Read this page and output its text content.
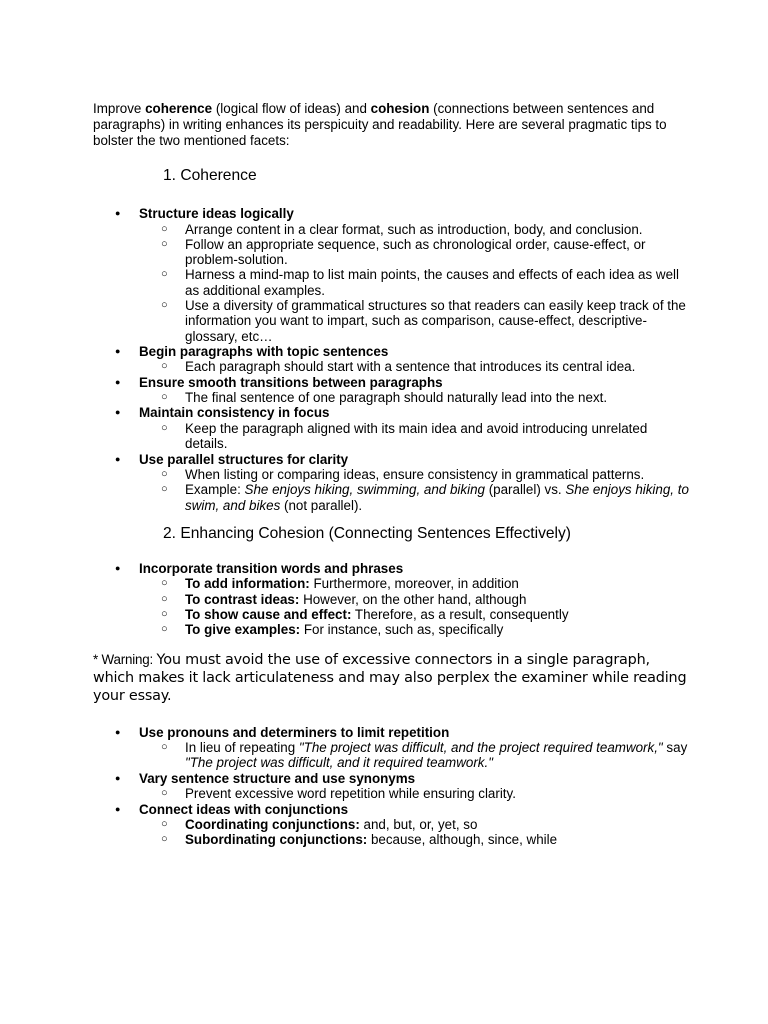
Improve coherence (logical flow of ideas) and cohesion (connections between sentences and paragraphs) in writing enhances its perspicuity and readability. Here are several pragmatic tips to bolster the two mentioned facets:

1. Coherence
● Structure ideas logically
○ Arrange content in a clear format, such as introduction, body, and conclusion.
○ Follow an appropriate sequence, such as chronological order, cause-effect, or problem-solution.
○ Harness a mind-map to list main points, the causes and effects of each idea as well as additional examples.
○ Use a diversity of grammatical structures so that readers can easily keep track of the information you want to impart, such as comparison, cause-effect, descriptive-glossary, etc…
● Begin paragraphs with topic sentences
○ Each paragraph should start with a sentence that introduces its central idea.
● Ensure smooth transitions between paragraphs
○ The final sentence of one paragraph should naturally lead into the next.
● Maintain consistency in focus
○ Keep the paragraph aligned with its main idea and avoid introducing unrelated details.
● Use parallel structures for clarity
○ When listing or comparing ideas, ensure consistency in grammatical patterns.
○ Example: She enjoys hiking, swimming, and biking (parallel) vs. She enjoys hiking, to swim, and bikes (not parallel).
2. Enhancing Cohesion (Connecting Sentences Effectively)
● Incorporate transition words and phrases
○ To add information: Furthermore, moreover, in addition
○ To contrast ideas: However, on the other hand, although
○ To show cause and effect: Therefore, as a result, consequently
○ To give examples: For instance, such as, specifically

* Warning: You must avoid the use of excessive connectors in a single paragraph, which makes it lack articulateness and may also perplex the examiner while reading your essay.

● Use pronouns and determiners to limit repetition
○ In lieu of repeating "The project was difficult, and the project required teamwork," say "The project was difficult, and it required teamwork."
● Vary sentence structure and use synonyms
○ Prevent excessive word repetition while ensuring clarity.
● Connect ideas with conjunctions
○ Coordinating conjunctions: and, but, or, yet, so
○ Subordinating conjunctions: because, although, since, while
